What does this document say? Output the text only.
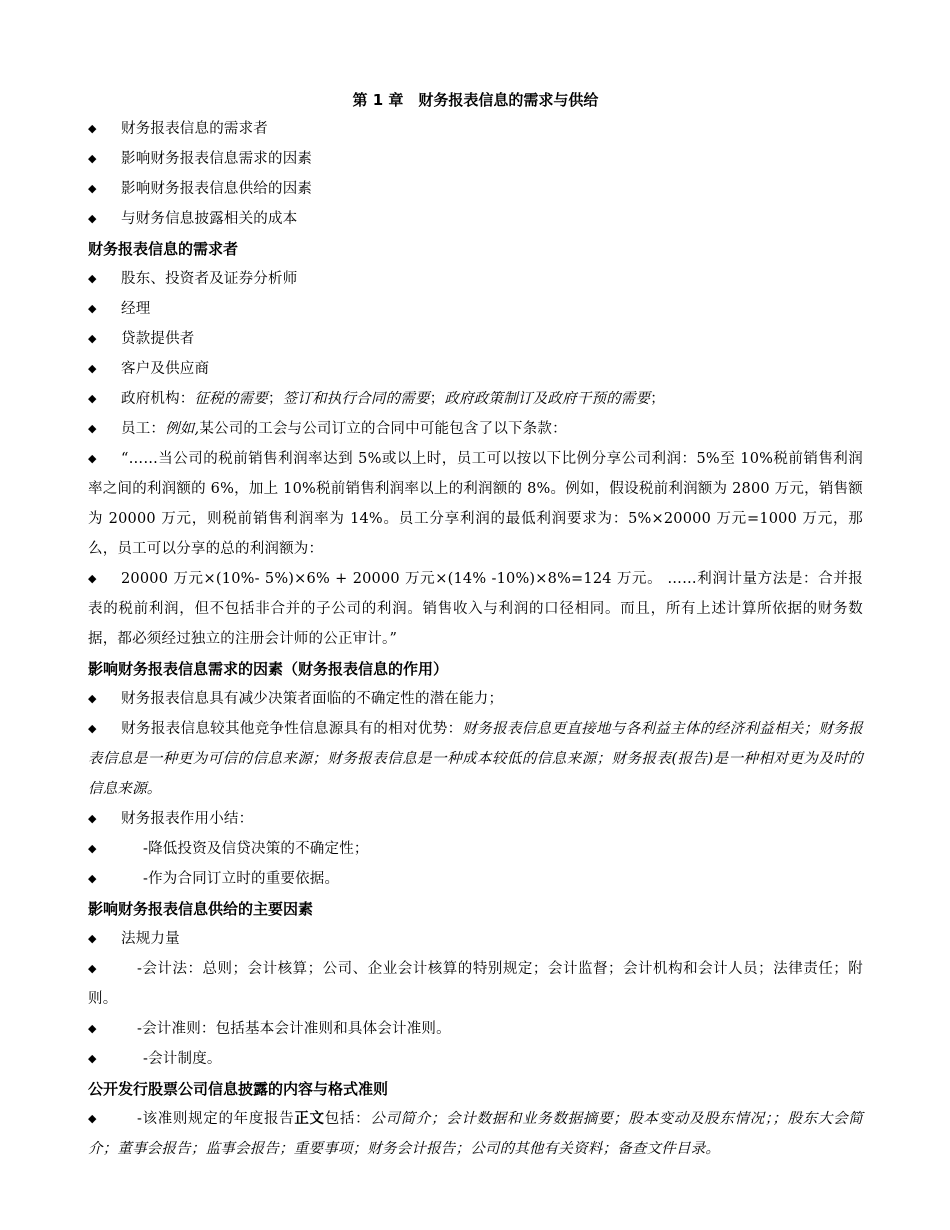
第 1 章　财务报表信息的需求与供给
◆ 财务报表信息的需求者
◆ 影响财务报表信息需求的因素
◆ 影响财务报表信息供给的因素
◆ 与财务信息披露相关的成本
财务报表信息的需求者
◆ 股东、投资者及证券分析师
◆ 经理
◆ 贷款提供者
◆ 客户及供应商
◆ 政府机构：征税的需要；签订和执行合同的需要；政府政策制订及政府干预的需要；
◆ 员工：例如,某公司的工会与公司订立的合同中可能包含了以下条款：
◆ “……当公司的税前销售利润率达到 5%或以上时，员工可以按以下比例分享公司利润：5%至 10%税前销售利润率之间的利润额的 6%，加上 10%税前销售利润率以上的利润额的 8%。例如，假设税前利润额为 2800 万元，销售额为 20000 万元，则税前销售利润率为 14%。员工分享利润的最低利润要求为：5%×20000 万元=1000 万元，那么，员工可以分享的总的利润额为：
◆ 20000 万元×(10%- 5%)×6% + 20000 万元×(14% -10%)×8%=124 万元。 ……利润计量方法是：合并报表的税前利润，但不包括非合并的子公司的利润。销售收入与利润的口径相同。而且，所有上述计算所依据的财务数据，都必须经过独立的注册会计师的公正审计。”
影响财务报表信息需求的因素（财务报表信息的作用）
◆ 财务报表信息具有减少决策者面临的不确定性的潜在能力；
◆ 财务报表信息较其他竞争性信息源具有的相对优势：财务报表信息更直接地与各利益主体的经济利益相关；财务报表信息是一种更为可信的信息来源；财务报表信息是一种成本较低的信息来源；财务报表(报告)是一种相对更为及时的信息来源。
◆ 财务报表作用小结：
◆	-降低投资及信贷决策的不确定性；
◆	-作为合同订立时的重要依据。
影响财务报表信息供给的主要因素
◆ 法规力量
◆	-会计法：总则；会计核算；公司、企业会计核算的特别规定；会计监督；会计机构和会计人员；法律责任；附则。
◆	-会计准则：包括基本会计准则和具体会计准则。
◆	-会计制度。
公开发行股票公司信息披露的内容与格式准则
◆	-该准则规定的年度报告正文包括：公司简介；会计数据和业务数据摘要；股本变动及股东情况；；股东大会简介；董事会报告；监事会报告；重要事项；财务会计报告；公司的其他有关资料；备查文件目录。
